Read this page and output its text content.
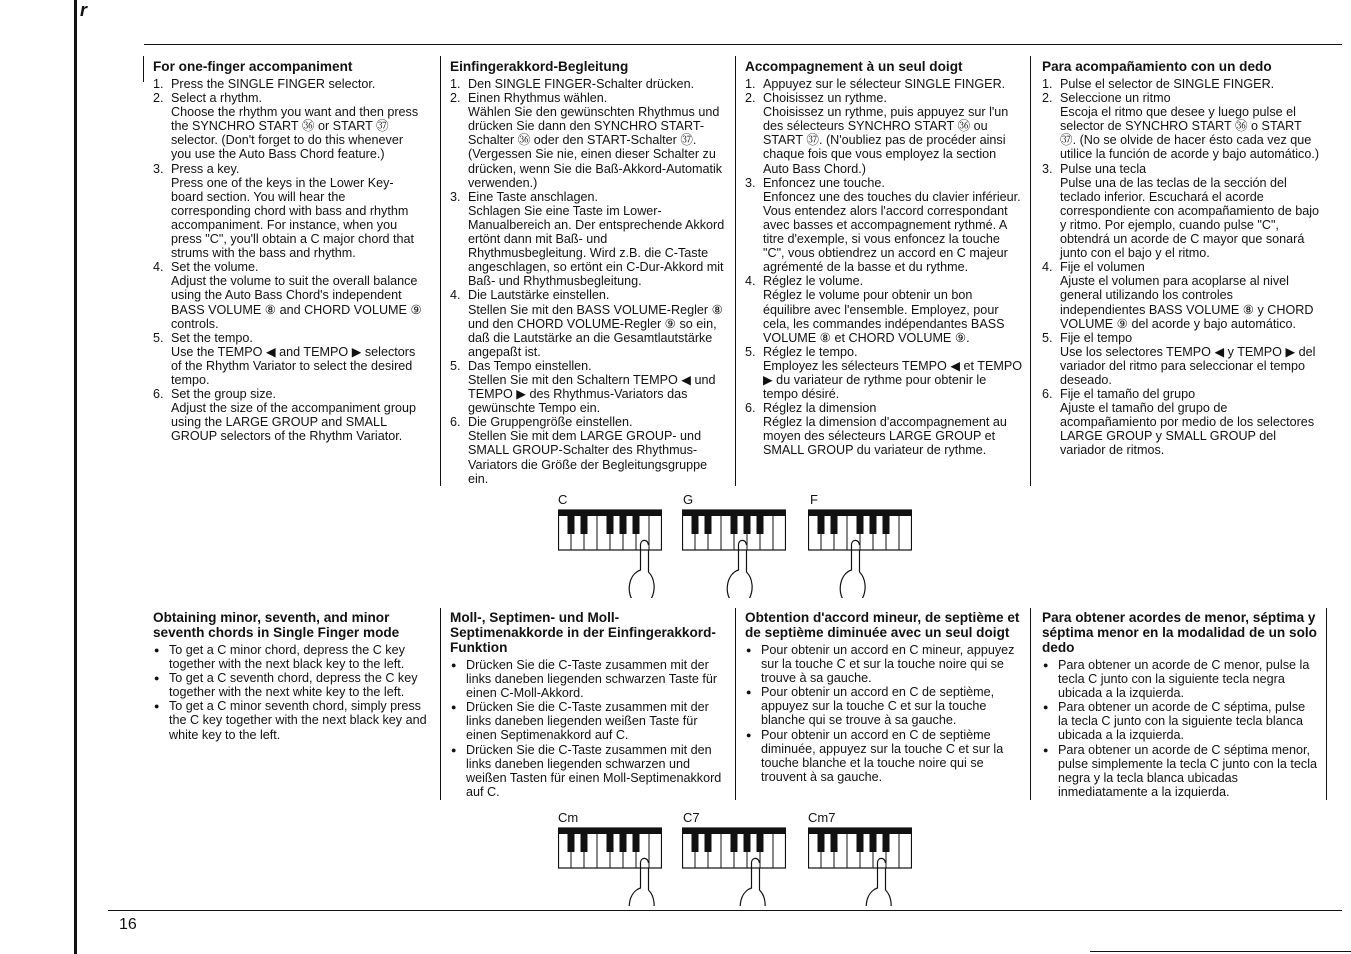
r
For one-finger accompaniment
1. Press the SINGLE FINGER selector.
2. Select a rhythm.
Choose the rhythm you want and then press the SYNCHRO START ㊱ or START ㊲ selector. (Don't forget to do this whenever you use the Auto Bass Chord feature.)
3. Press a key.
Press one of the keys in the Lower Key-board section. You will hear the corresponding chord with bass and rhythm accompaniment. For instance, when you press "C", you'll obtain a C major chord that strums with the bass and rhythm.
4. Set the volume.
Adjust the volume to suit the overall balance using the Auto Bass Chord's independent BASS VOLUME ⑧ and CHORD VOLUME ⑨ controls.
5. Set the tempo.
Use the TEMPO ◀ and TEMPO ▶ selectors of the Rhythm Variator to select the desired tempo.
6. Set the group size.
Adjust the size of the accompaniment group using the LARGE GROUP and SMALL GROUP selectors of the Rhythm Variator.
Einfingerakkord-Begleitung
1. Den SINGLE FINGER-Schalter drücken.
2. Einen Rhythmus wählen.
Wählen Sie den gewünschten Rhythmus und drücken Sie dann den SYNCHRO START-Schalter ㊱ oder den START-Schalter ㊲. (Vergessen Sie nie, einen dieser Schalter zu drücken, wenn Sie die Baß-Akkord-Automatik verwenden.)
3. Eine Taste anschlagen.
Schlagen Sie eine Taste im Lower-Manualbereich an. Der entsprechende Akkord ertönt dann mit Baß- und Rhythmusbegleitung. Wird z.B. die C-Taste angeschlagen, so ertönt ein C-Dur-Akkord mit Baß- und Rhythmusbegleitung.
4. Die Lautstärke einstellen.
Stellen Sie mit den BASS VOLUME-Regler ⑧ und den CHORD VOLUME-Regler ⑨ so ein, daß die Lautstärke an die Gesamtlautstärke angepaßt ist.
5. Das Tempo einstellen.
Stellen Sie mit den Schaltern TEMPO ◀ und TEMPO ▶ des Rhythmus-Variators das gewünschte Tempo ein.
6. Die Gruppengröße einstellen.
Stellen Sie mit dem LARGE GROUP- und SMALL GROUP-Schalter des Rhythmus-Variators die Größe der Begleitungsgruppe ein.
Accompagnement à un seul doigt
1. Appuyez sur le sélecteur SINGLE FINGER.
2. Choisissez un rythme.
Choisissez un rythme, puis appuyez sur l'un des sélecteurs SYNCHRO START ㊱ ou START ㊲. (N'oubliez pas de procéder ainsi chaque fois que vous employez la section Auto Bass Chord.)
3. Enfoncez une touche.
Enfoncez une des touches du clavier inférieur. Vous entendez alors l'accord correspondant avec basses et accompagnement rythmé. A titre d'exemple, si vous enfoncez la touche "C", vous obtiendrez un accord en C majeur agrémenté de la basse et du rythme.
4. Réglez le volume.
Réglez le volume pour obtenir un bon équilibre avec l'ensemble. Employez, pour cela, les commandes indépendantes BASS VOLUME ⑧ et CHORD VOLUME ⑨.
5. Réglez le tempo.
Employez les sélecteurs TEMPO ◀ et TEMPO ▶ du variateur de rythme pour obtenir le tempo désiré.
6. Réglez la dimension
Réglez la dimension d'accompagnement au moyen des sélecteurs LARGE GROUP et SMALL GROUP du variateur de rythme.
Para acompañamiento con un dedo
1. Pulse el selector de SINGLE FINGER.
2. Seleccione un ritmo
Escoja el ritmo que desee y luego pulse el selector de SYNCHRO START ㊱ o START ㊲. (No se olvide de hacer ésto cada vez que utilice la función de acorde y bajo automático.)
3. Pulse una tecla
Pulse una de las teclas de la sección del teclado inferior. Escuchará el acorde correspondiente con acompañamiento de bajo y ritmo. Por ejemplo, cuando pulse "C", obtendrá un acorde de C mayor que sonará junto con el bajo y el ritmo.
4. Fije el volumen
Ajuste el volumen para acoplarse al nivel general utilizando los controles independientes BASS VOLUME ⑧ y CHORD VOLUME ⑨ del acorde y bajo automático.
5. Fije el tempo
Use los selectores TEMPO ◀ y TEMPO ▶ del variador del ritmo para seleccionar el tempo deseado.
6. Fije el tamaño del grupo
Ajuste el tamaño del grupo de acompañamiento por medio de los selectores LARGE GROUP y SMALL GROUP del variador de ritmos.
C	G	F
Obtaining minor, seventh, and minor seventh chords in Single Finger mode
● To get a C minor chord, depress the C key together with the next black key to the left.
● To get a C seventh chord, depress the C key together with the next white key to the left.
● To get a C minor seventh chord, simply press the C key together with the next black key and white key to the left.
Moll-, Septimen- und Moll-Septimenakkorde in der Einfingerakkord-Funktion
● Drücken Sie die C-Taste zusammen mit der links daneben liegenden schwarzen Taste für einen C-Moll-Akkord.
● Drücken Sie die C-Taste zusammen mit der links daneben liegenden weißen Taste für einen Septimenakkord auf C.
● Drücken Sie die C-Taste zusammen mit den links daneben liegenden schwarzen und weißen Tasten für einen Moll-Septimenakkord auf C.
Obtention d'accord mineur, de septième et de septième diminuée avec un seul doigt
● Pour obtenir un accord en C mineur, appuyez sur la touche C et sur la touche noire qui se trouve à sa gauche.
● Pour obtenir un accord en C de septième, appuyez sur la touche C et sur la touche blanche qui se trouve à sa gauche.
● Pour obtenir un accord en C de septième diminuée, appuyez sur la touche C et sur la touche blanche et la touche noire qui se trouvent à sa gauche.
Para obtener acordes de menor, séptima y séptima menor en la modalidad de un solo dedo
● Para obtener un acorde de C menor, pulse la tecla C junto con la siguiente tecla negra ubicada a la izquierda.
● Para obtener un acorde de C séptima, pulse la tecla C junto con la siguiente tecla blanca ubicada a la izquierda.
● Para obtener un acorde de C séptima menor, pulse simplemente la tecla C junto con la tecla negra y la tecla blanca ubicadas inmediatamente a la izquierda.
Cm	C7	Cm7
16
